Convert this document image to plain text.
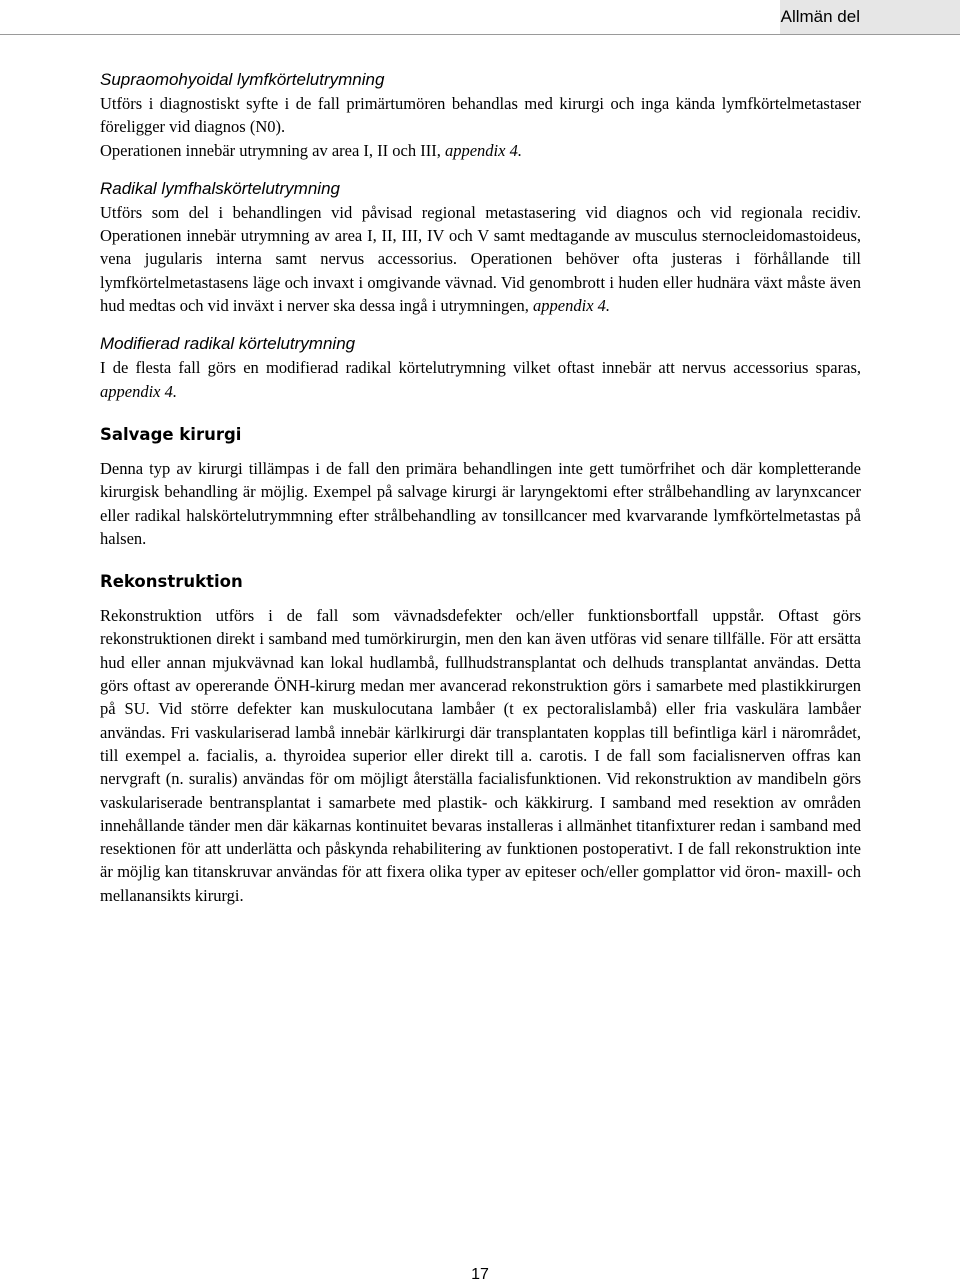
Allmän del

Supraomohyoidal lymfkörtelutrymning

Utförs i diagnostiskt syfte i de fall primärtumören behandlas med kirurgi och inga kända lymfkörtelmetastaser föreligger vid diagnos (N0).

Operationen innebär utrymning av area I, II och III, appendix 4.

Radikal lymfhalskörtelutrymning

Utförs som del i behandlingen vid påvisad regional metastasering vid diagnos och vid regionala recidiv. Operationen innebär utrymning av area I, II, III, IV och V samt medtagande av musculus sternocleidomastoideus, vena jugularis interna samt nervus accessorius. Operationen behöver ofta justeras i förhållande till lymfkörtelmetastasens läge och invaxt i omgivande vävnad. Vid genombrott i huden eller hudnära växt måste även hud medtas och vid inväxt i nerver ska dessa ingå i utrymningen, appendix 4.

Modifierad radikal körtelutrymning

I de flesta fall görs en modifierad radikal körtelutrymning vilket oftast innebär att nervus accessorius sparas, appendix 4.

Salvage kirurgi

Denna typ av kirurgi tillämpas i de fall den primära behandlingen inte gett tumörfrihet och där kompletterande kirurgisk behandling är möjlig. Exempel på salvage kirurgi är laryngektomi efter strålbehandling av larynxcancer eller radikal halskörtelutrymmning efter strålbehandling av tonsillcancer med kvarvarande lymfkörtelmetastas på halsen.

Rekonstruktion

Rekonstruktion utförs i de fall som vävnadsdefekter och/eller funktionsbortfall uppstår. Oftast görs rekonstruktionen direkt i samband med tumörkirurgin, men den kan även utföras vid senare tillfälle. För att ersätta hud eller annan mjukvävnad kan lokal hudlambå, fullhudstransplantat och delhuds transplantat användas. Detta görs oftast av opererande ÖNH-kirurg medan mer avancerad rekonstruktion görs i samarbete med plastikkirurgen på SU. Vid större defekter kan muskulocutana lambåer (t ex pectoralislambå) eller fria vaskulära lambåer användas. Fri vaskulariserad lambå innebär kärlkirurgi där transplantaten kopplas till befintliga kärl i närområdet, till exempel a. facialis, a. thyroidea superior eller direkt till a. carotis. I de fall som facialisnerven offras kan nervgraft (n. suralis) användas för om möjligt återställa facialisfunktionen. Vid rekonstruktion av mandibeln görs vaskulariserade bentransplantat i samarbete med plastik- och käkkirurg. I samband med resektion av områden innehållande tänder men där käkarnas kontinuitet bevaras installeras i allmänhet titanfixturer redan i samband med resektionen för att underlätta och påskynda rehabilitering av funktionen postoperativt. I de fall rekonstruktion inte är möjlig kan titanskruvar användas för att fixera olika typer av epiteser och/eller gomplattor vid öron- maxill- och mellanansikts kirurgi.

17
